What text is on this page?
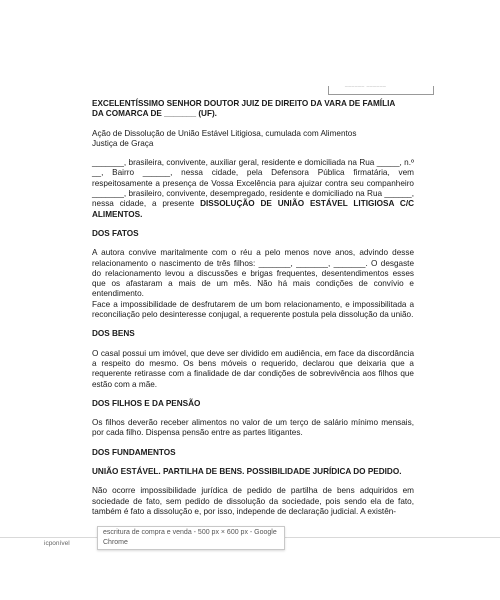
______ ______

EXCELENTÍSSIMO SENHOR DOUTOR JUIZ DE DIREITO DA VARA DE FAMÍLIA
DA COMARCA DE _______ (UF).

Ação de Dissolução de União Estável Litigiosa, cumulada com Alimentos
Justiça de Graça

_______, brasileira, convivente, auxiliar geral, residente e domiciliada na Rua _____, n.º __, Bairro ______, nessa cidade, pela Defensora Pública firmatária, vem respeitosamente a presença de Vossa Excelência para ajuizar contra seu companheiro _______, brasileiro, convivente, desempregado, residente e domiciliado na Rua ______, nessa cidade, a presente DISSOLUÇÃO DE UNIÃO ESTÁVEL LITIGIOSA C/C ALIMENTOS.

DOS FATOS

A autora convive maritalmente com o réu a pelo menos nove anos, advindo desse relacionamento o nascimento de três filhos: _______, _______, _______. O desgaste do relacionamento levou a discussões e brigas frequentes, desentendimentos esses que os afastaram a mais de um mês. Não há mais condições de convívio e entendimento.
Face a impossibilidade de desfrutarem de um bom relacionamento, e impossibilitada a reconciliação pelo desinteresse conjugal, a requerente postula pela dissolução da união.

DOS BENS

O casal possui um imóvel, que deve ser dividido em audiência, em face da discordância a respeito do mesmo. Os bens móveis o requerido, declarou que deixaria que a requerente retirasse com a finalidade de dar condições de sobrevivência aos filhos que estão com a mãe.

DOS FILHOS E DA PENSÃO

Os filhos deverão receber alimentos no valor de um terço de salário mínimo mensais, por cada filho. Dispensa pensão entre as partes litigantes.

DOS FUNDAMENTOS
UNIÃO ESTÁVEL. PARTILHA DE BENS. POSSIBILIDADE JURÍDICA DO PEDIDO.

Não ocorre impossibilidade jurídica de pedido de partilha de bens adquiridos em sociedade de fato, sem pedido de dissolução da sociedade, pois sendo ela de fato, também é fato a dissolução e, por isso, independe de declaração judicial. A existên-

icponível
escritura de compra e venda - 500 px × 600 px - Google
Chrome
